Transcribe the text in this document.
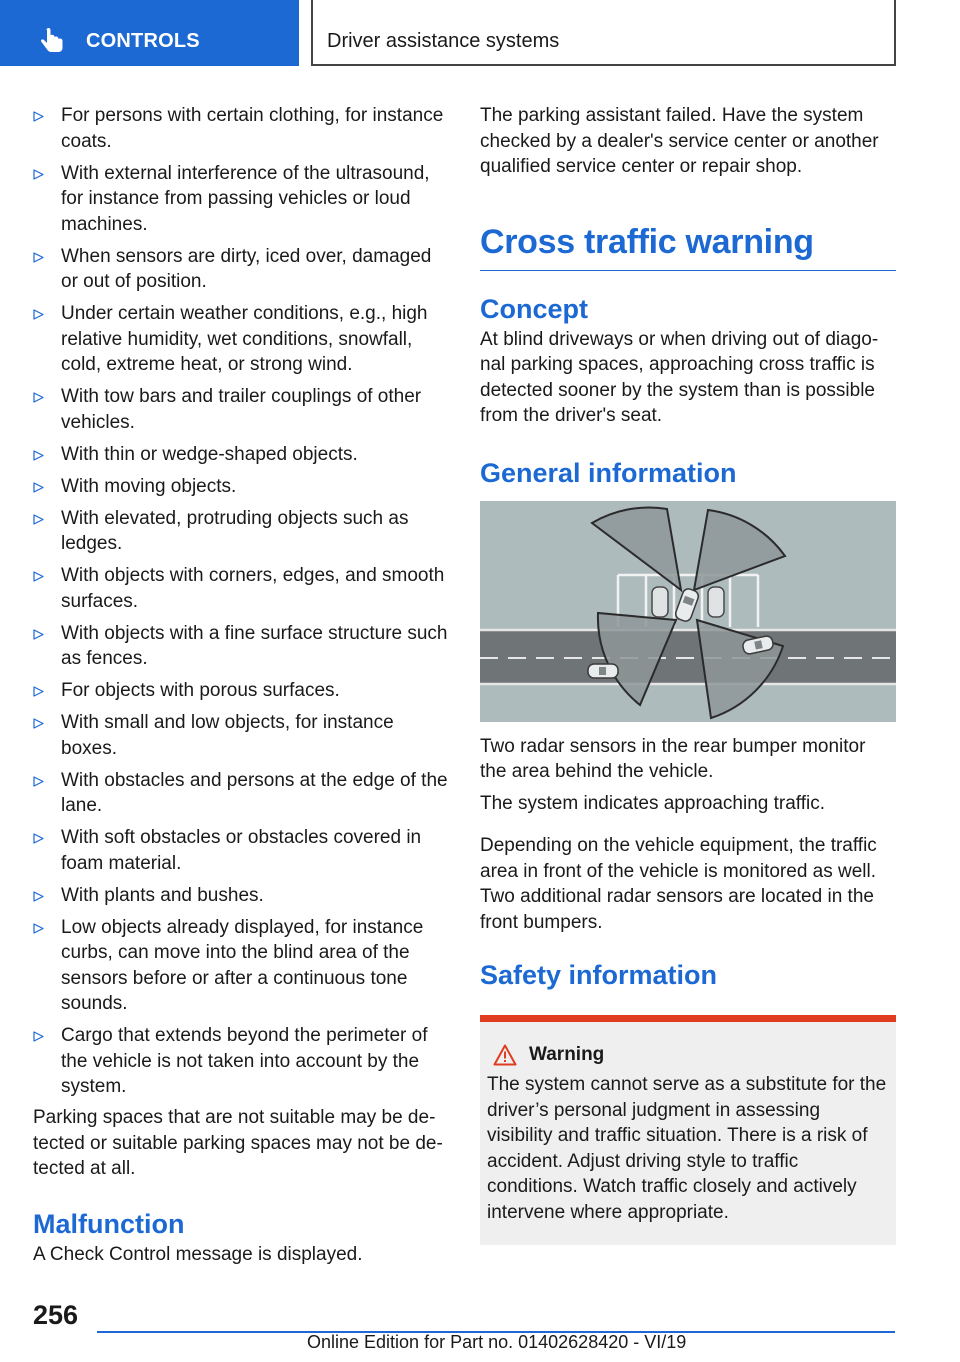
CONTROLS	Driver assistance systems
For persons with certain clothing, for instance coats.
With external interference of the ultrasound, for instance from passing vehicles or loud machines.
When sensors are dirty, iced over, damaged or out of position.
Under certain weather conditions, e.g., high relative humidity, wet conditions, snowfall, cold, extreme heat, or strong wind.
With tow bars and trailer couplings of other vehicles.
With thin or wedge-shaped objects.
With moving objects.
With elevated, protruding objects such as ledges.
With objects with corners, edges, and smooth surfaces.
With objects with a fine surface structure such as fences.
For objects with porous surfaces.
With small and low objects, for instance boxes.
With obstacles and persons at the edge of the lane.
With soft obstacles or obstacles covered in foam material.
With plants and bushes.
Low objects already displayed, for instance curbs, can move into the blind area of the sensors before or after a continuous tone sounds.
Cargo that extends beyond the perimeter of the vehicle is not taken into account by the system.

Parking spaces that are not suitable may be detected or suitable parking spaces may not be detected at all.

Malfunction

A Check Control message is displayed.

The parking assistant failed. Have the system checked by a dealer's service center or another qualified service center or repair shop.

Cross traffic warning
Concept

At blind driveways or when driving out of diagonal parking spaces, approaching cross traffic is detected sooner by the system than is possible from the driver's seat.

General information

Two radar sensors in the rear bumper monitor the area behind the vehicle.

The system indicates approaching traffic.

Depending on the vehicle equipment, the traffic area in front of the vehicle is monitored as well. Two additional radar sensors are located in the front bumpers.

Safety information
Warning

The system cannot serve as a substitute for the driver’s personal judgment in assessing visibility and traffic situation. There is a risk of accident. Adjust driving style to traffic conditions. Watch traffic closely and actively intervene where appropriate.

256
Online Edition for Part no. 01402628420 - VI/19
